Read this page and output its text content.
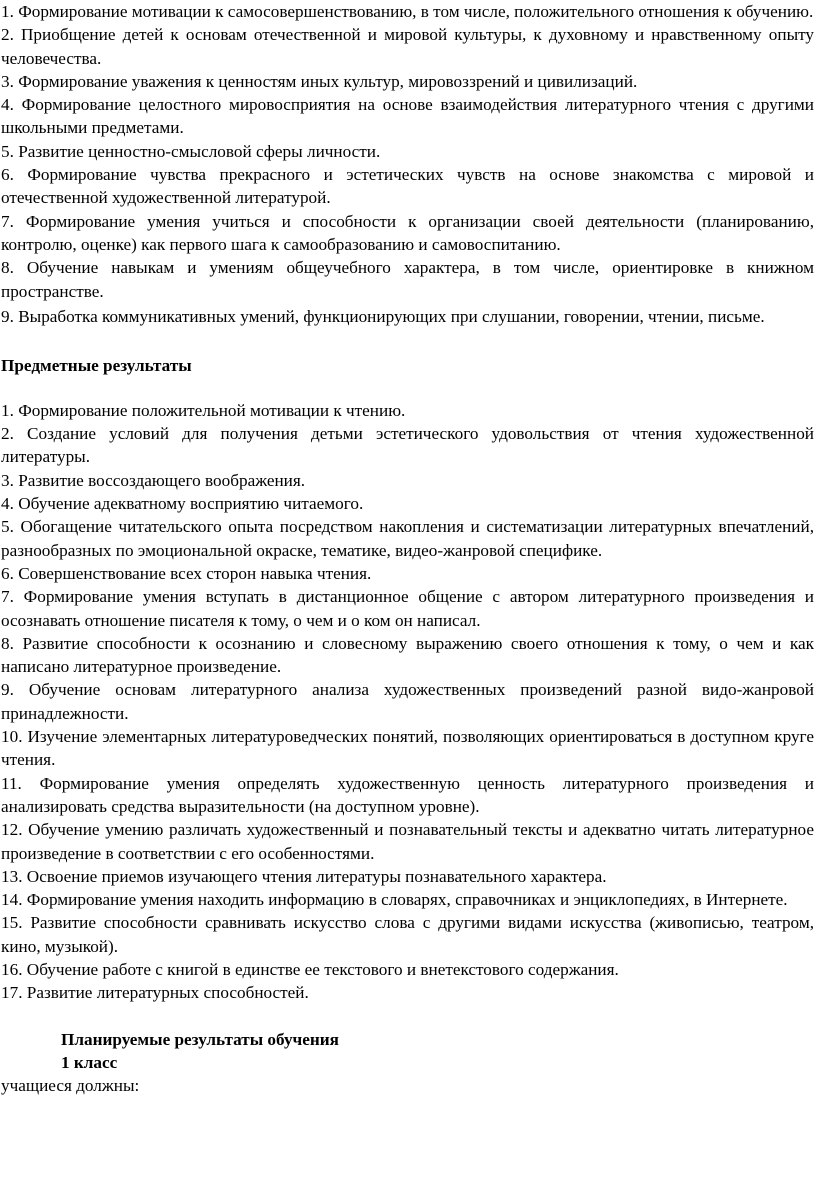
1. Формирование мотивации к самосовершенствованию, в том числе, положительного отношения к обучению.

2. Приобщение детей к основам отечественной и мировой культуры, к духовному и нравственному опыту человечества.

3. Формирование уважения к ценностям иных культур, мировоззрений и цивилизаций.

4. Формирование целостного мировосприятия на основе взаимодействия литературного чтения с другими школьными предметами.

5. Развитие ценностно-смысловой сферы личности.

6. Формирование чувства прекрасного и эстетических чувств на основе знакомства с мировой и отечественной художественной литературой.

7. Формирование умения учиться и способности к организации своей деятельности (планированию, контролю, оценке) как первого шага к самообразованию и самовоспитанию.

8. Обучение навыкам и умениям общеучебного характера, в том числе, ориентировке в книжном пространстве.

9. Выработка коммуникативных умений, функционирующих при слушании, говорении, чтении, письме.

Предметные результаты

1. Формирование положительной мотивации к чтению.

2. Создание условий для получения детьми эстетического удовольствия от чтения художественной литературы.

3. Развитие воссоздающего воображения.

4. Обучение адекватному восприятию читаемого.

5. Обогащение читательского опыта посредством накопления и систематизации литературных впечатлений, разнообразных по эмоциональной окраске, тематике, видео-жанровой специфике.

6. Совершенствование всех сторон навыка чтения.

7. Формирование умения вступать в дистанционное общение с автором литературного произведения и осознавать отношение писателя к тому, о чем и о ком он написал.

8. Развитие способности к осознанию и словесному выражению своего отношения к тому, о чем и как написано литературное произведение.

9. Обучение основам литературного анализа художественных произведений разной видо-жанровой принадлежности.

10. Изучение элементарных литературоведческих понятий, позволяющих ориентироваться в доступном круге чтения.

11. Формирование умения определять художественную ценность литературного произведения и анализировать средства выразительности (на доступном уровне).

12. Обучение умению различать художественный и познавательный тексты и адекватно читать литературное произведение в соответствии с его особенностями.

13. Освоение приемов изучающего чтения литературы познавательного характера.

14. Формирование умения находить информацию в словарях, справочниках и энциклопедиях, в Интернете.

15. Развитие способности сравнивать искусство слова с другими видами искусства (живописью, театром, кино, музыкой).

16. Обучение работе с книгой в единстве ее текстового и внетекстового содержания.

17. Развитие литературных способностей.

Планируемые результаты обучения

1 класс

учащиеся должны:
